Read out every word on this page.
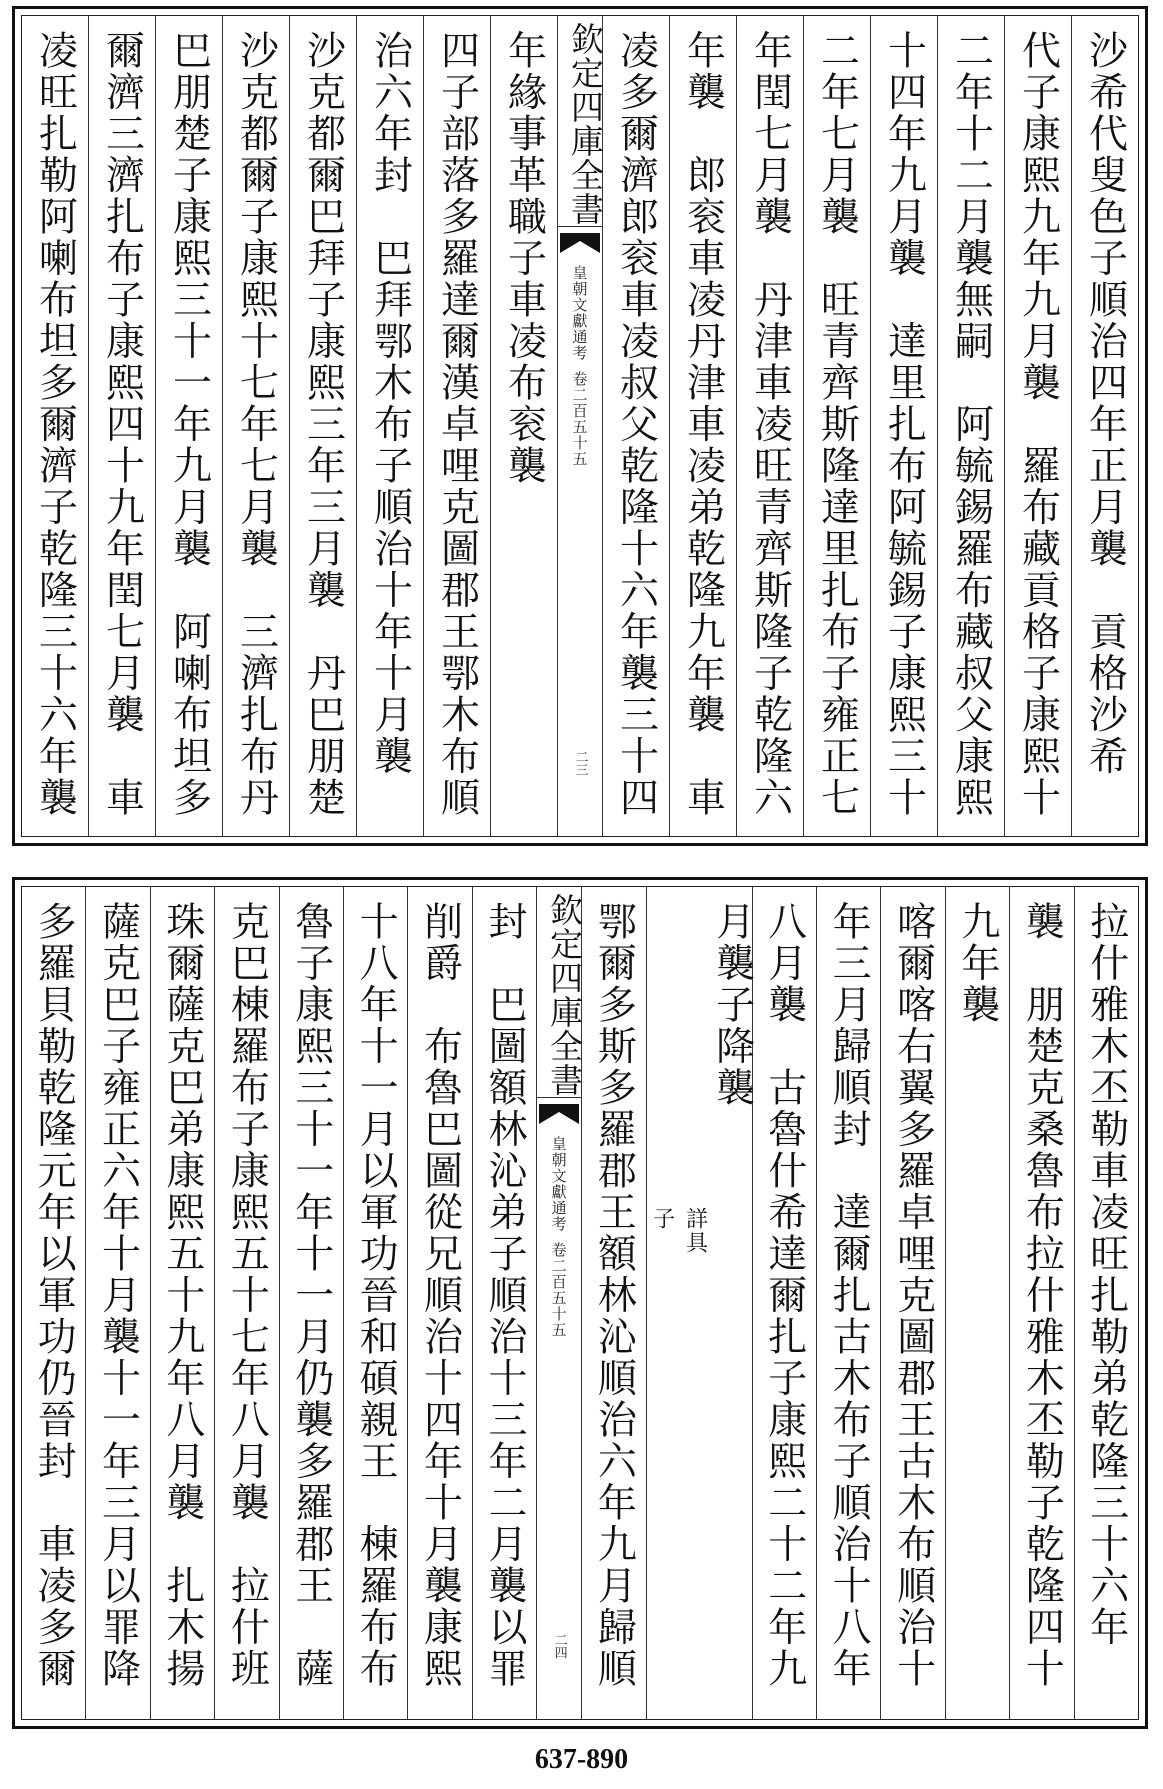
沙希代叟色子順治四年正月襲　貢格沙希
代子康熙九年九月襲　羅布藏貢格子康熙十
二年十二月襲無嗣　阿毓錫羅布藏叔父康熙
十四年九月襲　達里扎布阿毓錫子康熙三十
二年七月襲　旺青齊斯隆達里扎布子雍正七
年閏七月襲　丹津車凌旺青齊斯隆子乾隆六
年襲　郎衮車凌丹津車凌弟乾隆九年襲　車
凌多爾濟郎衮車凌叔父乾隆十六年襲三十四
欽定四庫全書
皇朝文獻通考
卷二百五十五
二三
年緣事革職子車凌布衮襲
四子部落多羅達爾漢卓哩克圖郡王鄂木布順
治六年封　巴拜鄂木布子順治十年十月襲
沙克都爾巴拜子康熙三年三月襲　丹巴朋楚
沙克都爾子康熙十七年七月襲　三濟扎布丹
巴朋楚子康熙三十一年九月襲　阿喇布坦多
爾濟三濟扎布子康熙四十九年閏七月襲　車
凌旺扎勒阿喇布坦多爾濟子乾隆三十六年襲
拉什雅木丕勒車凌旺扎勒弟乾隆三十六年
襲　朋楚克桑魯布拉什雅木丕勒子乾隆四十
九年襲
喀爾喀右翼多羅卓哩克圖郡王古木布順治十
年三月歸順封　達爾扎古木布子順治十八年
八月襲　古魯什希達爾扎子康熙二十二年九
月襲子降襲
詳具
子
鄂爾多斯多羅郡王額林沁順治六年九月歸順
欽定四庫全書
皇朝文獻通考
卷二百五十五
二四
封　巴圖額林沁弟子順治十三年二月襲以罪
削爵　布魯巴圖從兄順治十四年十月襲康熙
十八年十一月以軍功晉和碩親王　棟羅布布
魯子康熙三十一年十一月仍襲多羅郡王　薩
克巴棟羅布子康熙五十七年八月襲　拉什班
珠爾薩克巴弟康熙五十九年八月襲　扎木揚
薩克巴子雍正六年十月襲十一年三月以罪降
多羅貝勒乾隆元年以軍功仍晉封　車凌多爾
637-890
